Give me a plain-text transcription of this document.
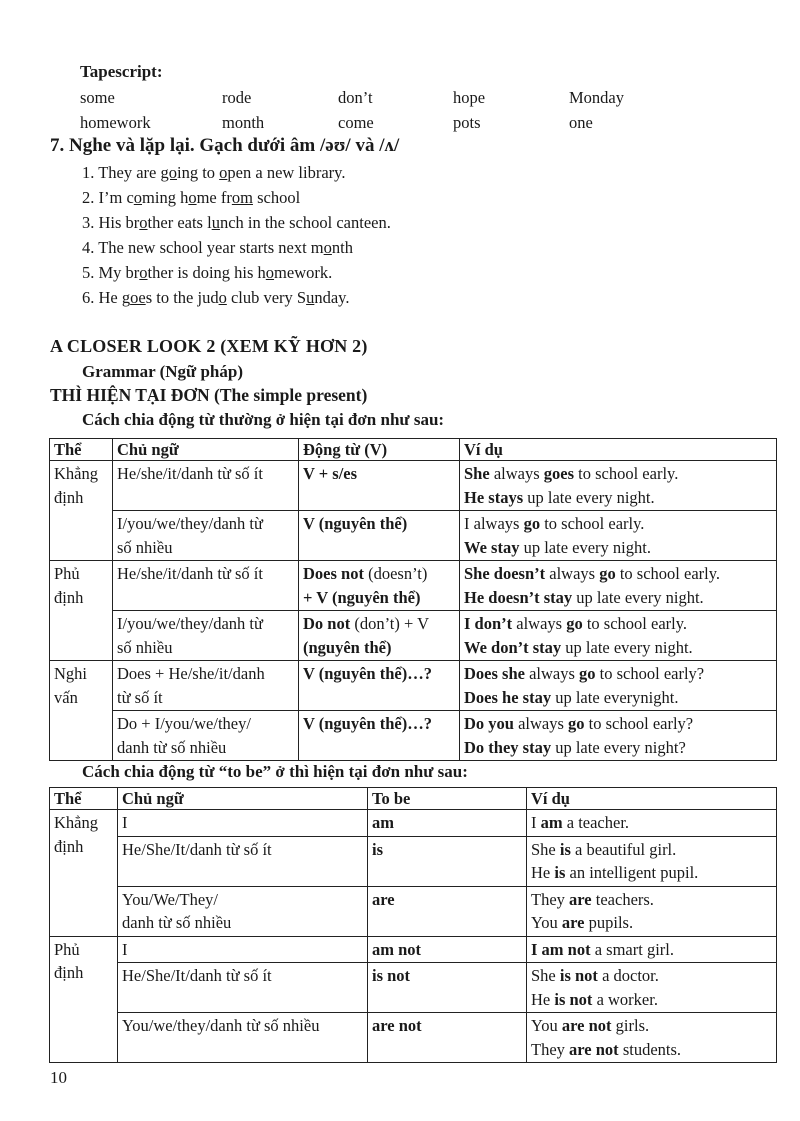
Tapescript:
some	rode	don’t	hope	Monday
homework	month	come	pots	one
7. Nghe và lặp lại. Gạch dưới âm /əʊ/ và /ʌ/
1. They are going to open a new library.
2. I’m coming home from school
3. His brother eats lunch in the school canteen.
4. The new school year starts next month
5. My brother is doing his homework.
6. He goes to the judo club very Sunday.
A CLOSER LOOK 2 (XEM KỸ HƠN 2)
Grammar (Ngữ pháp)
THÌ HIỆN TẠI ĐƠN (The simple present)
Cách chia động từ thường ở hiện tại đơn như sau:
Thể	Chủ ngữ	Động từ (V)	Ví dụ

Khẳng
định	He/she/it/danh từ số ít	V + s/es	She always goes to school early.
He stays up late every night.

	I/you/we/they/danh từ
số nhiều	V (nguyên thể)	I always go to school early.
We stay up late every night.

Phủ
định	He/she/it/danh từ số ít	Does not (doesn’t)
+ V (nguyên thể)	She doesn’t always go to school early.
He doesn’t stay up late every night.

	I/you/we/they/danh từ
số nhiều	Do not (don’t) + V
(nguyên thể)	I don’t always go to school early.
We don’t stay up late every night.

Nghi
vấn	Does + He/she/it/danh
từ số ít	V (nguyên thể)…?	Does she always go to school early?
Does he stay up late everynight.

	Do + I/you/we/they/
danh từ số nhiều	V (nguyên thể)…?	Do you always go to school early?
Do they stay up late every night?
Cách chia động từ “to be” ở thì hiện tại đơn như sau:
Thể	Chủ ngữ	To be	Ví dụ

Khẳng
định	I	am	I am a teacher.

	He/She/It/danh từ số ít	is	She is a beautiful girl.
He is an intelligent pupil.

	You/We/They/
danh từ số nhiều	are	They are teachers.
You are pupils.

Phủ
định	I	am not	I am not a smart girl.

	He/She/It/danh từ số ít	is not	She is not a doctor.
He is not a worker.

	You/we/they/danh từ số nhiều	are not	You are not girls.
They are not students.
10
